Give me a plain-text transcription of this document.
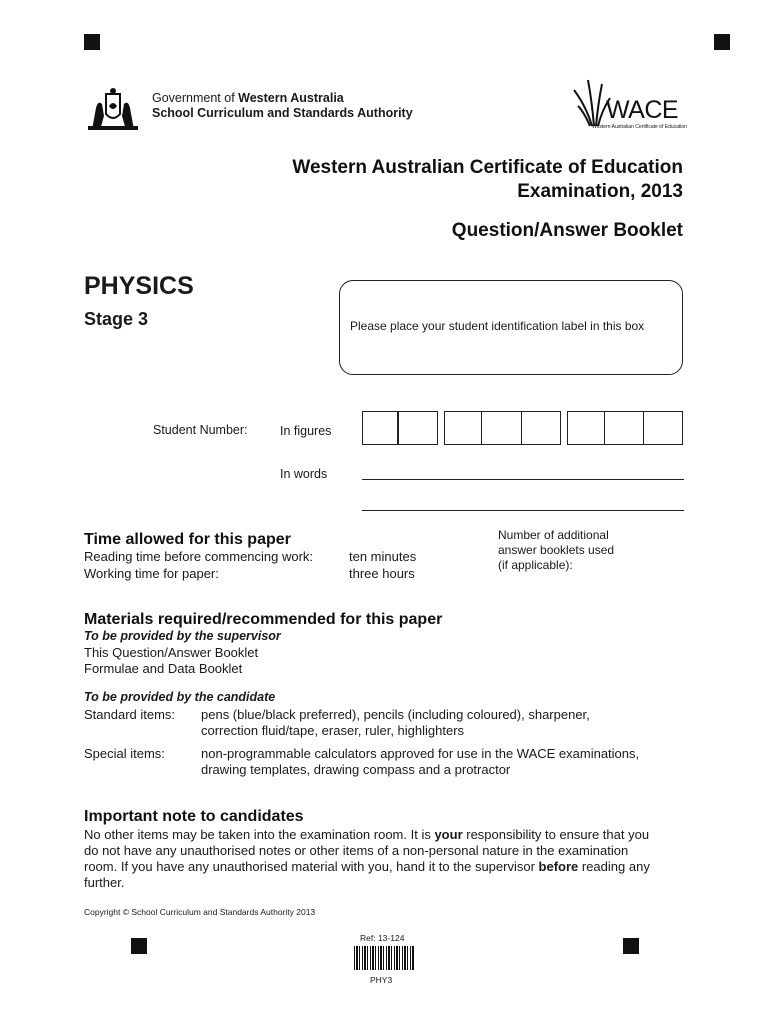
Government of Western Australia
School Curriculum and Standards Authority	WACE
Western Australian Certificate of Education
Western Australian Certificate of Education
Examination, 2013
Question/Answer Booklet
PHYSICS
Stage 3	Please place your student identification label in this box
Student Number:	In figures
In words
Time allowed for this paper
Reading time before commencing work:	ten minutes
Working time for paper:	three hours
Number of additional
answer booklets used
(if applicable):
Materials required/recommended for this paper
To be provided by the supervisor
This Question/Answer Booklet
Formulae and Data Booklet
To be provided by the candidate
Standard items: pens (blue/black preferred), pencils (including coloured), sharpener,
correction fluid/tape, eraser, ruler, highlighters
Special items:	non-programmable calculators approved for use in the WACE examinations,
drawing templates, drawing compass and a protractor
Important note to candidates
No other items may be taken into the examination room. It is your responsibility to ensure that you do not have any unauthorised notes or other items of a non-personal nature in the examination room. If you have any unauthorised material with you, hand it to the supervisor before reading any further.
Copyright © School Curriculum and Standards Authority 2013
Ref: 13-124
PHY3
